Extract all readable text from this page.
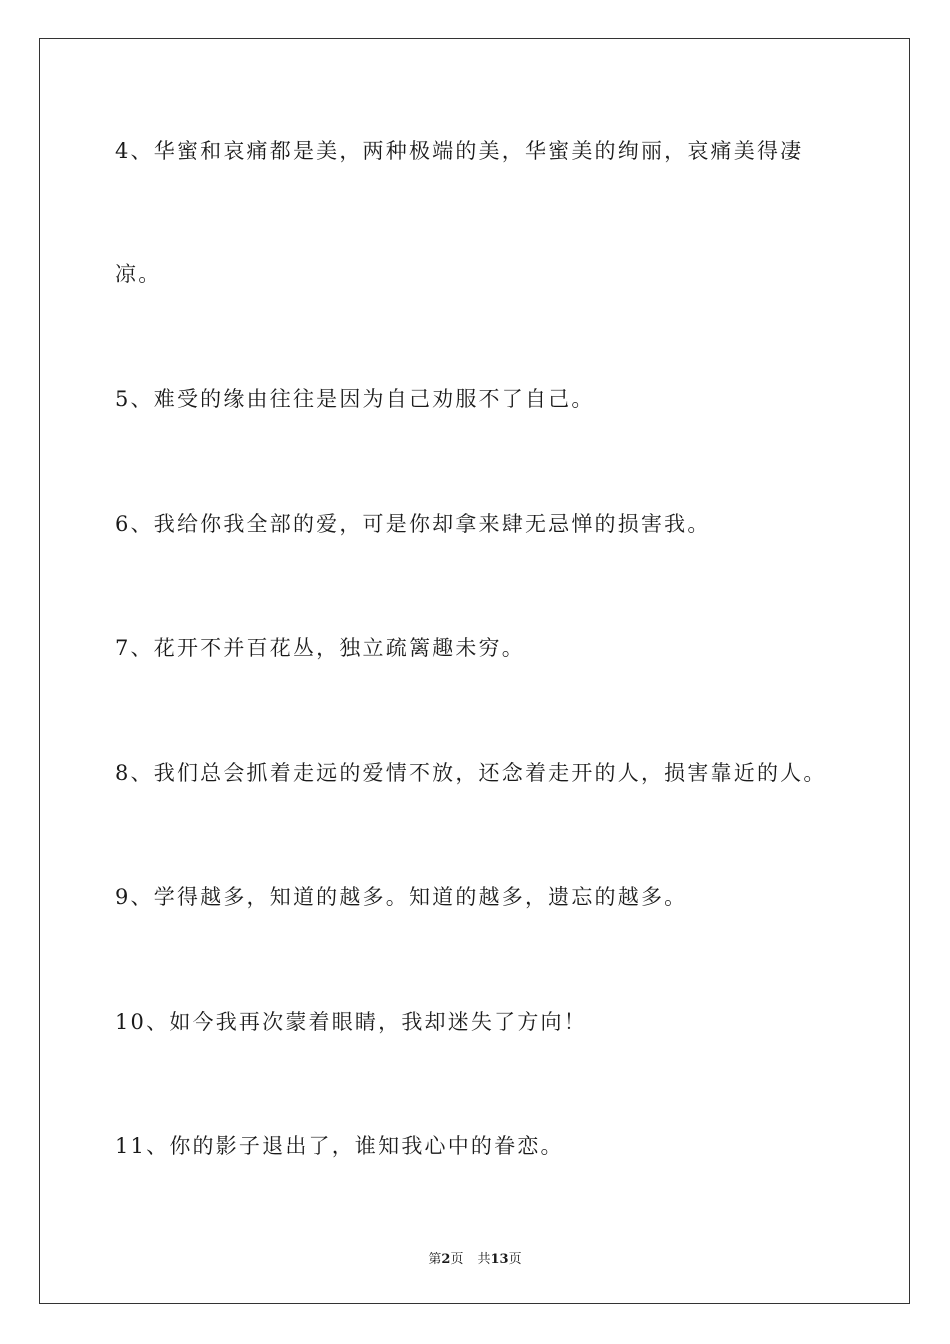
4、华蜜和哀痛都是美，两种极端的美，华蜜美的绚丽，哀痛美得凄
凉。
5、难受的缘由往往是因为自己劝服不了自己。
6、我给你我全部的爱，可是你却拿来肆无忌惮的损害我。
7、花开不并百花丛，独立疏篱趣未穷。
8、我们总会抓着走远的爱情不放，还念着走开的人，损害靠近的人。
9、学得越多，知道的越多。知道的越多，遗忘的越多。
10、如今我再次蒙着眼睛，我却迷失了方向！
11、你的影子退出了，谁知我心中的眷恋。
第2页 共13页
